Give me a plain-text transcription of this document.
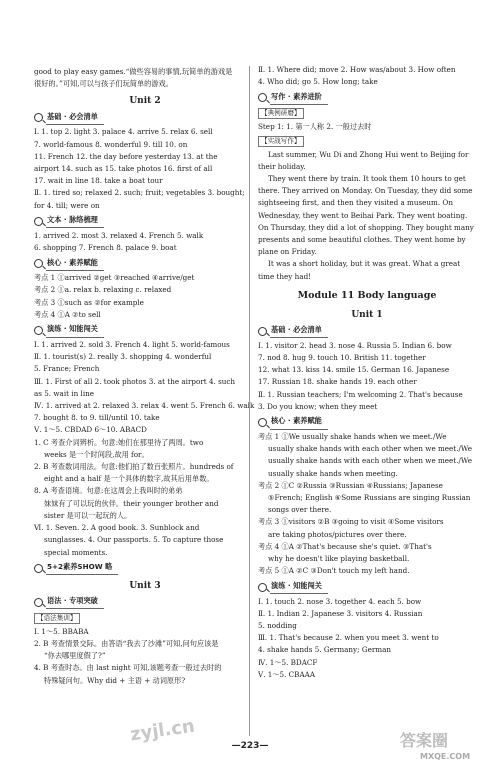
good to play easy games.“做些容易的事情,玩简单的游戏是
很好的。”可知,可以与孩子们玩简单的游戏。
Unit 2
基础 · 必会清单
Ⅰ. 1. top 2. light 3. palace 4. arrive 5. relax 6. sell
7. world-famous 8. wonderful 9. till 10. on
11. French 12. the day before yesterday 13. at the
airport 14. such as 15. take photos 16. first of all
17. wait in line 18. take a boat tour
Ⅱ. 1. tired so; relaxed 2. such; fruit; vegetables 3. bought;
for 4. till; were on
文本 · 脉络梳理
1. arrived 2. most 3. relaxed 4. French 5. walk
6. shopping 7. French 8. palace 9. boat
核心 · 素养赋能
考点 1 ①arrived ②get ③reached ④arrive/get
考点 2 ①a. relax b. relaxing c. relaxed
考点 3 ①such as ②for example
考点 4 ①A ②to sell
演练 · 知能闯关
Ⅰ. 1. arrived 2. sold 3. French 4. light 5. world-famous
Ⅱ. 1. tourist(s) 2. really 3. shopping 4. wonderful
5. France; French
Ⅲ. 1. First of all 2. took photos 3. at the airport 4. such
as 5. wait in line
Ⅳ. 1. arrived at 2. relaxed 3. relax 4. went 5. French 6. walk
7. bought 8. to 9. till/until 10. take
Ⅴ. 1～5. CBDAD 6～10. ABACD
1. C 考查介词辨析。句意:她们在那里待了两周。two
weeks 是一个时间段,故用 for。
2. B 考查数词用法。句意:他们拍了数百张照片。hundreds of
eight and a half 是一个具体的数字,故其后用单数。
8. A 考查语境。句意:在这周会上我叫时的弟弟
妹妹有了可以玩的伙伴。their younger brother and
sister 是可以一起玩的人。
Ⅵ. 1. Seven. 2. A good book. 3. Sunblock and
sunglasses. 4. Our passports. 5. To capture those
special moments.
5+2素养SHOW 略
Unit 3
语法 · 专项突破
【语法集训】
Ⅰ. 1～5. BBABA
2. B 考查情景交际。由答语“我去了沙滩”可知,问句应该是
“你去哪里度假了?”
4. B 考查时态。由 last night 可知,该题考查一般过去时的
特殊疑问句。Why did + 主语 + 动词原形?
Ⅱ. 1. Where did; move 2. How was/about 3. How often
4. Who did; go 5. How long; take
写作 · 素养进阶
【典例研磨】
Step 1: 1. 第一人称 2. 一般过去时
【实战写作】
Last summer, Wu Di and Zhong Hui went to Beijing for
their holiday.
They went there by train. It took them 10 hours to get
there. They arrived on Monday. On Tuesday, they did some
sightseeing first, and then they visited a museum. On
Wednesday, they went to Beihai Park. They went boating.
On Thursday, they did a lot of shopping. They bought many
presents and some beautiful clothes. They went home by
plane on Friday.
It was a short holiday, but it was great. What a great
time they had!
Module 11 Body language
Unit 1
基础 · 必会清单
Ⅰ. 1. visitor 2. head 3. nose 4. Russia 5. Indian 6. bow
7. nod 8. hug 9. touch 10. British 11. together
12. what 13. kiss 14. smile 15. German 16. Japanese
17. Russian 18. shake hands 19. each other
Ⅱ. 1. Russian teachers; I'm welcoming 2. That's because
3. Do you know; when they meet
核心 · 素养赋能
考点 1 ①We usually shake hands when we meet./We
usually shake hands with each other when we meet./We
usually shake hands with each other when we meet./We
usually shake hands when meeting.
考点 2 ①C ②Russia ③Russian ④Russians; Japanese
⑤French; English ⑥Some Russians are singing Russian
songs over there.
考点 3 ①visitors ②B ③going to visit ④Some visitors
are taking photos/pictures over there.
考点 4 ①A ②That's because she's quiet. ③That's
why he doesn't like playing basketball.
考点 5 ①A ②C ③Don't touch my left hand.
演练 · 知能闯关
Ⅰ. 1. touch 2. nose 3. together 4. each 5. bow
Ⅱ. 1. Indian 2. Japanese 3. visitors 4. Russian
5. nodding
Ⅲ. 1. That's because 2. when you meet 3. went to
4. shake hands 5. Germany; German
Ⅳ. 1～5. BDACF
Ⅴ. 1～5. CBAAA
—223—
zyjl.cn	答案圈
MXQE.COM
